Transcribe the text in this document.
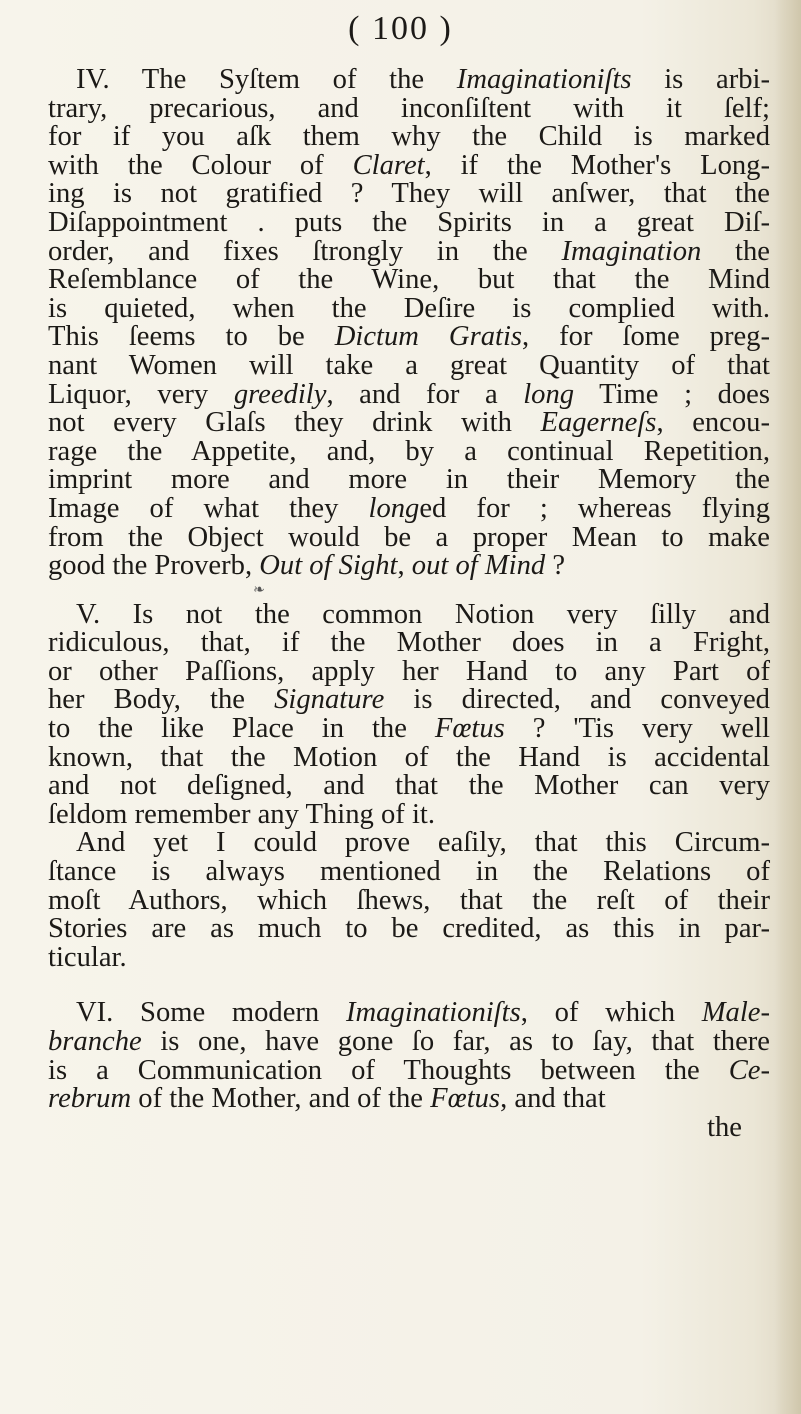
( 100 )
IV. The Syſtem of the Imaginationiſts is arbi-
trary, precarious, and inconſiſtent with it ſelf;
for if you aſk them why the Child is marked
with the Colour of Claret, if the Mother's Long-
ing is not gratified ? They will anſwer, that the
Diſappointment . puts the Spirits in a great Diſ-
order, and fixes ſtrongly in the Imagination the
Reſemblance of the Wine, but that the Mind
is quieted, when the Deſire is complied with.
This ſeems to be Dictum Gratis, for ſome preg-
nant Women will take a great Quantity of that
Liquor, very greedily, and for a long Time ; does
not every Glaſs they drink with Eagerneſs, encou-
rage the Appetite, and, by a continual Repetition,
imprint more and more in their Memory the
Image of what they longed for ; whereas flying
from the Object would be a proper Mean to make
good the Proverb, Out of Sight, out of Mind ?
❧
V. Is not the common Notion very ſilly and
ridiculous, that, if the Mother does in a Fright,
or other Paſſions, apply her Hand to any Part of
her Body, the Signature is directed, and conveyed
to the like Place in the Fœtus ? 'Tis very well
known, that the Motion of the Hand is accidental
and not deſigned, and that the Mother can very
ſeldom remember any Thing of it.
And yet I could prove eaſily, that this Circum-
ſtance is always mentioned in the Relations of
moſt Authors, which ſhews, that the reſt of their
Stories are as much to be credited, as this in par-
ticular.
VI. Some modern Imaginationiſts, of which Male-
branche is one, have gone ſo far, as to ſay, that there
is a Communication of Thoughts between the Ce-
rebrum of the Mother, and of the Fœtus, and that
the
